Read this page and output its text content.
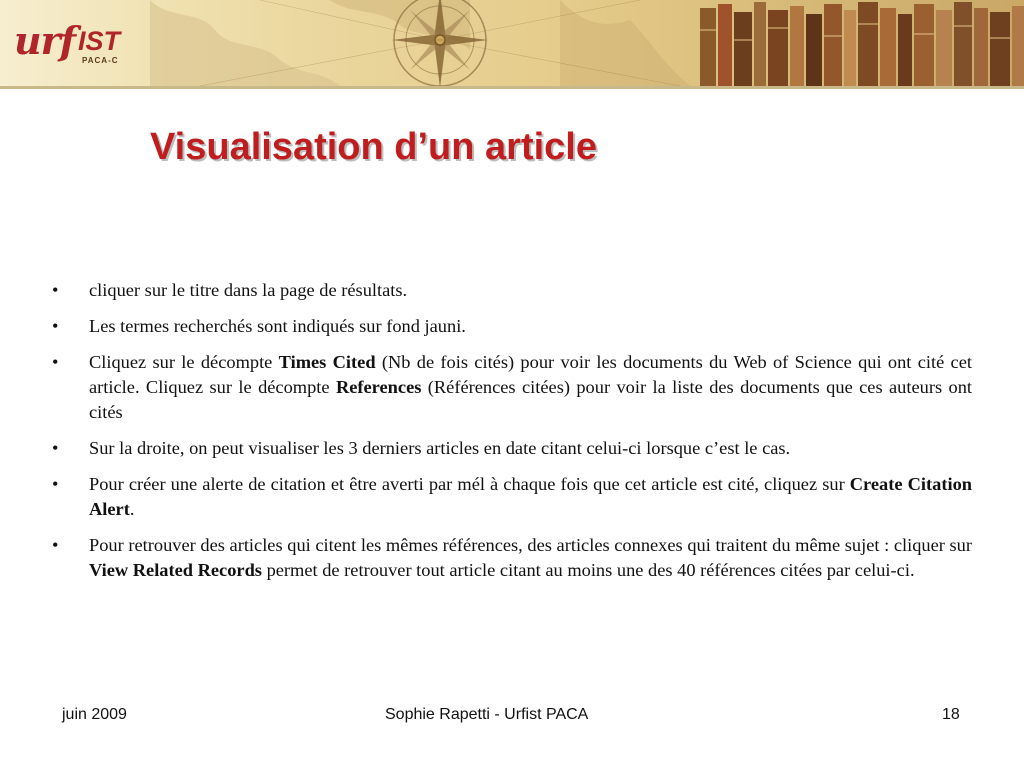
urf IST
PACA-C
Visualisation d’un article
• cliquer sur le titre dans la page de résultats.
• Les termes recherchés sont indiqués sur fond jauni.
• Cliquez sur le décompte Times Cited (Nb de fois cités) pour voir les documents du Web of Science qui ont cité cet article. Cliquez sur le décompte References (Références citées) pour voir la liste des documents que ces auteurs ont cités
• Sur la droite, on peut visualiser les 3 derniers articles en date citant celui-ci lorsque c’est le cas.
• Pour créer une alerte de citation et être averti par mél à chaque fois que cet article est cité, cliquez sur Create Citation Alert.
• Pour retrouver des articles qui citent les mêmes références, des articles connexes qui traitent du même sujet : cliquer sur View Related Records permet de retrouver tout article citant au moins une des 40 références citées par celui-ci.
juin 2009	Sophie Rapetti - Urfist PACA	18
